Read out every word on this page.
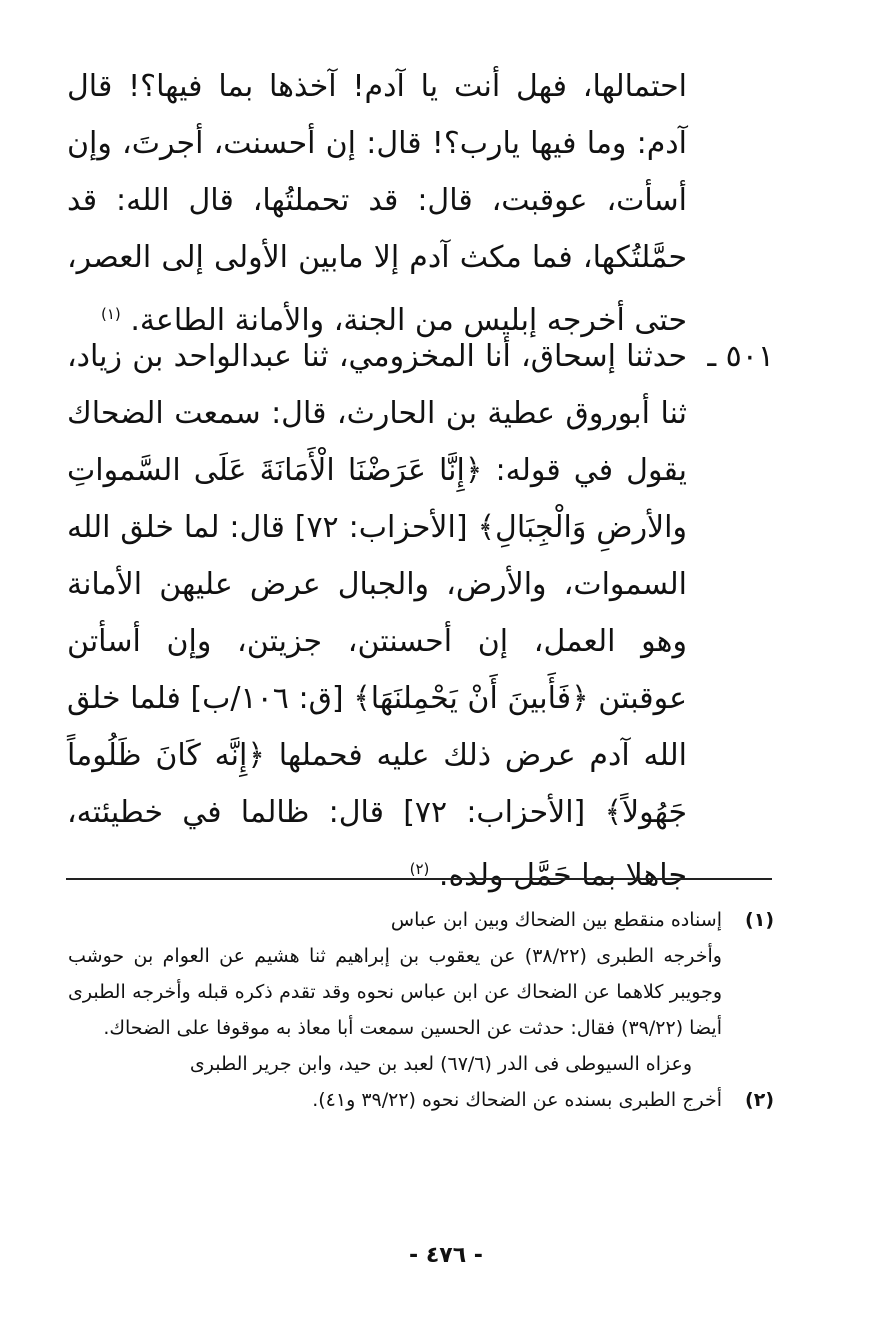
احتمالها، فهل أنت يا آدم! آخذها بما فيها؟! قال آدم: وما فيها يارب؟! قال: إن أحسنت، أجرتَ، وإن أسأت، عوقبت، قال: قد تحملتُها، قال الله: قد حمَّلتُكها، فما مكث آدم إلا مابين الأولى إلى العصر، حتى أخرجه إبليس من الجنة، والأمانة الطاعة. $^{(١)}$
٥٠١ ـ
حدثنا إسحاق، أنا المخزومي، ثنا عبدالواحد بن زياد، ثنا أبوروق عطية بن الحارث، قال: سمعت الضحاك يقول في قوله: ﴿إِنَّا عَرَضْنَا الْأَمَانَةَ عَلَى السَّمواتِ والأرضِ وَالْجِبَالِ﴾ [الأحزاب: ٧٢] قال: لما خلق الله السموات، والأرض، والجبال عرض عليهن الأمانة وهو العمل، إن أحسنتن، جزيتن، وإن أسأتن عوقبتن ﴿فَأَبينَ أَنْ يَحْمِلنَهَا﴾ [ق: ١٠٦/ب] فلما خلق الله آدم عرض ذلك عليه فحملها ﴿إِنَّه كَانَ ظَلُوماً جَهُولاً﴾ [الأحزاب: ٧٢] قال: ظالما في خطيئته، جاهلا بما حَمَّل ولده. $^{(٢)}$
(١)
إسناده منقطع بين الضحاك وبين ابن عباس
وأخرجه الطبرى (٣٨/٢٢) عن يعقوب بن إبراهيم ثنا هشيم عن العوام بن حوشب وجويبر كلاهما عن الضحاك عن ابن عباس نحوه وقد تقدم ذكره قبله وأخرجه الطبرى أيضا (٣٩/٢٢) فقال: حدثت عن الحسين سمعت أبا معاذ به موقوفا على الضحاك.
وعزاه السيوطى فى الدر (٦٧/٦) لعبد بن حيد، وابن جرير الطبرى
(٢)
أخرج الطبرى بسنده عن الضحاك نحوه (٣٩/٢٢ و٤١).
- ٤٧٦ -
